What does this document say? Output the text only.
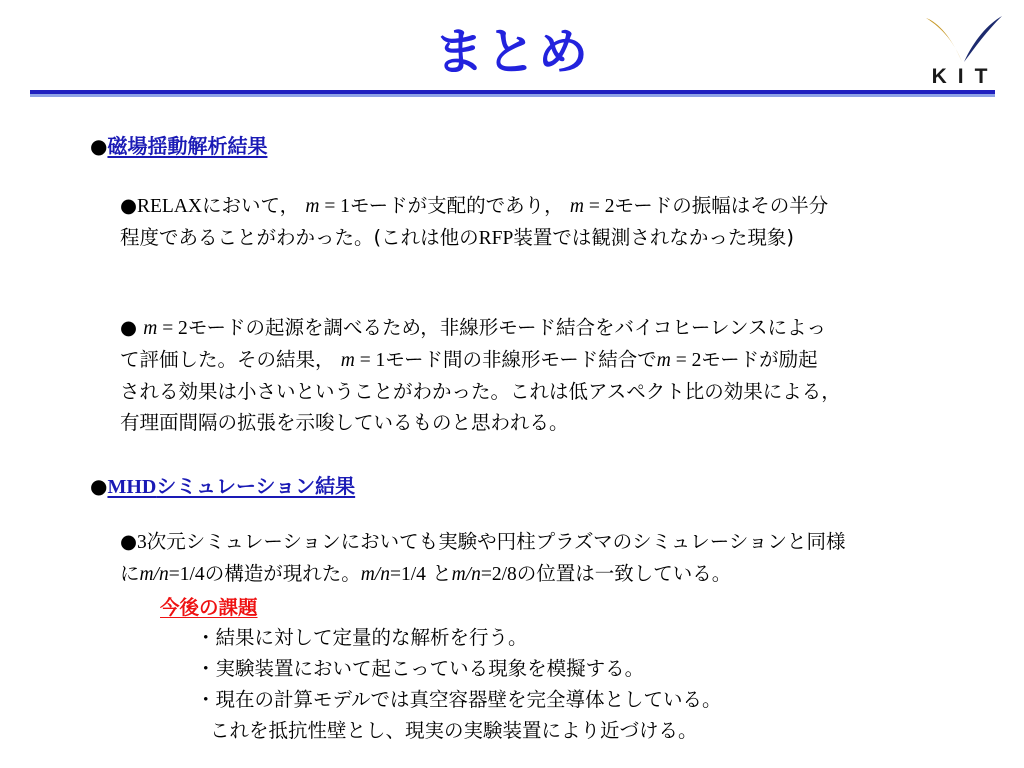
まとめ	KIT
●磁場揺動解析結果
●RELAXにおいて， m = 1モードが支配的であり， m = 2モードの振幅はその半分
程度であることがわかった。(これは他のRFP装置では観測されなかった現象)
● m = 2モードの起源を調べるため，非線形モード結合をバイコヒーレンスによっ
て評価した。その結果， m = 1モード間の非線形モード結合でm = 2モードが励起
される効果は小さいということがわかった。これは低アスペクト比の効果による，
有理面間隔の拡張を示唆しているものと思われる。
●MHDシミュレーション結果
●3次元シミュレーションにおいても実験や円柱プラズマのシミュレーションと同様
にm/n=1/4の構造が現れた。m/n=1/4 とm/n=2/8の位置は一致している。
今後の課題
・結果に対して定量的な解析を行う。
・実験装置において起こっている現象を模擬する。
・現在の計算モデルでは真空容器壁を完全導体としている。
これを抵抗性壁とし、現実の実験装置により近づける。
